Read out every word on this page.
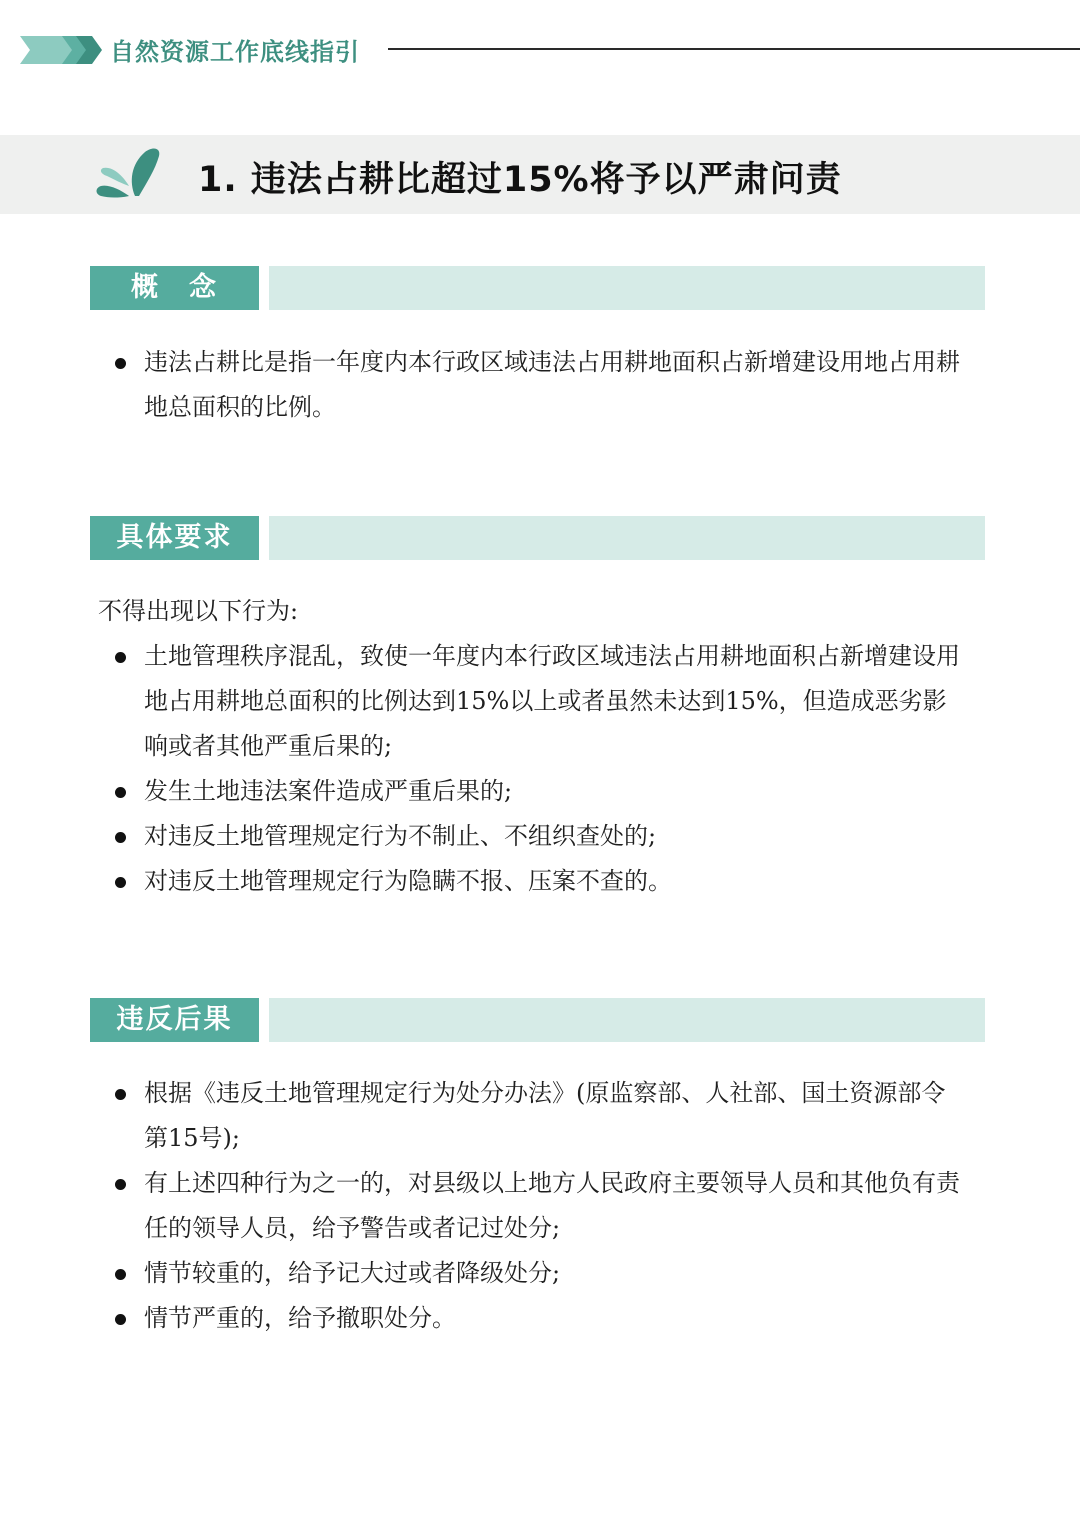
自然资源工作底线指引
1. 违法占耕比超过15%将予以严肃问责
概　念
违法占耕比是指一年度内本行政区域违法占用耕地面积占新增建设用地占用耕地总面积的比例。
具体要求
不得出现以下行为:
土地管理秩序混乱，致使一年度内本行政区域违法占用耕地面积占新增建设用地占用耕地总面积的比例达到15%以上或者虽然未达到15%，但造成恶劣影响或者其他严重后果的;
发生土地违法案件造成严重后果的;
对违反土地管理规定行为不制止、不组织查处的;
对违反土地管理规定行为隐瞒不报、压案不查的。
违反后果
根据《违反土地管理规定行为处分办法》(原监察部、人社部、国土资源部令第15号);
有上述四种行为之一的，对县级以上地方人民政府主要领导人员和其他负有责任的领导人员，给予警告或者记过处分;
情节较重的，给予记大过或者降级处分;
情节严重的，给予撤职处分。
